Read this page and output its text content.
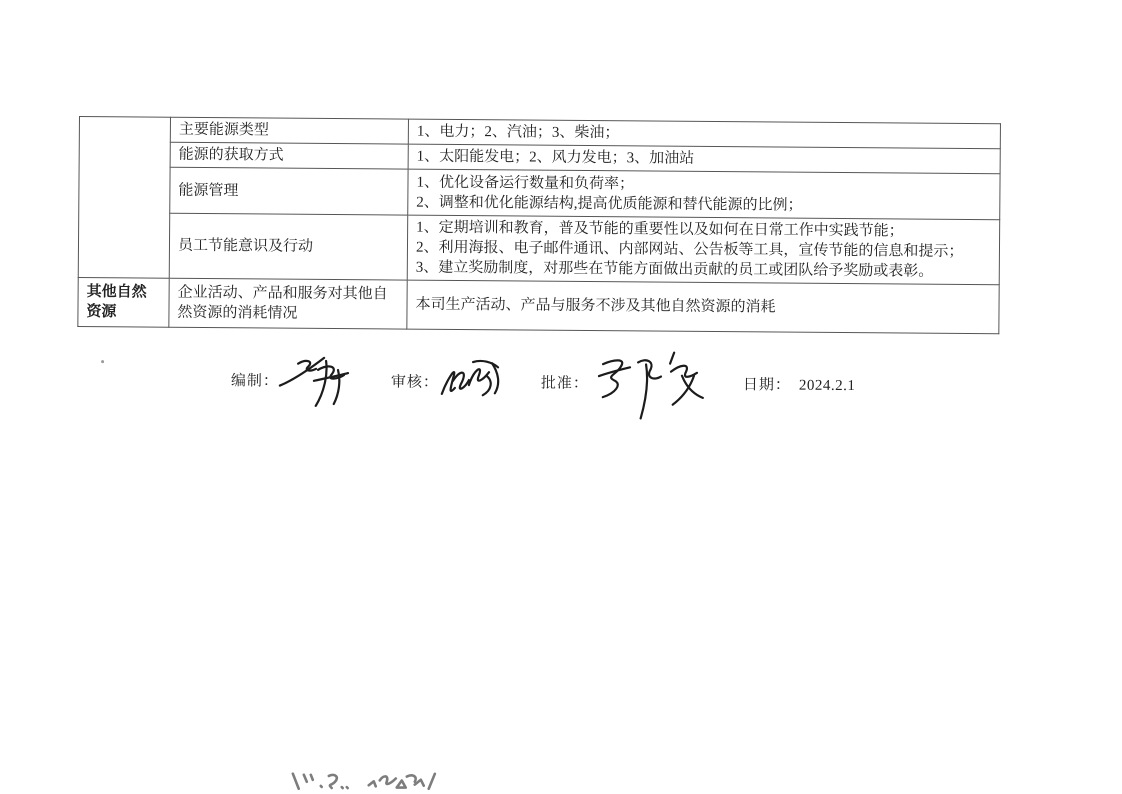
	主要能源类型	1、电力；2、汽油；3、柴油；

	能源的获取方式	1、太阳能发电；2、风力发电；3、加油站

	能源管理	1、优化设备运行数量和负荷率；
2、调整和优化能源结构,提高优质能源和替代能源的比例；

	员工节能意识及行动	1、定期培训和教育，普及节能的重要性以及如何在日常工作中实践节能；
2、利用海报、电子邮件通讯、内部网站、公告板等工具，宣传节能的信息和提示；
3、建立奖励制度，对那些在节能方面做出贡献的员工或团队给予奖励或表彰。

其他自然资源	企业活动、产品和服务对其他自然资源的消耗情况	本司生产活动、产品与服务不涉及其他自然资源的消耗
编制：	审核：	批准：	日期： 2024.2.1
